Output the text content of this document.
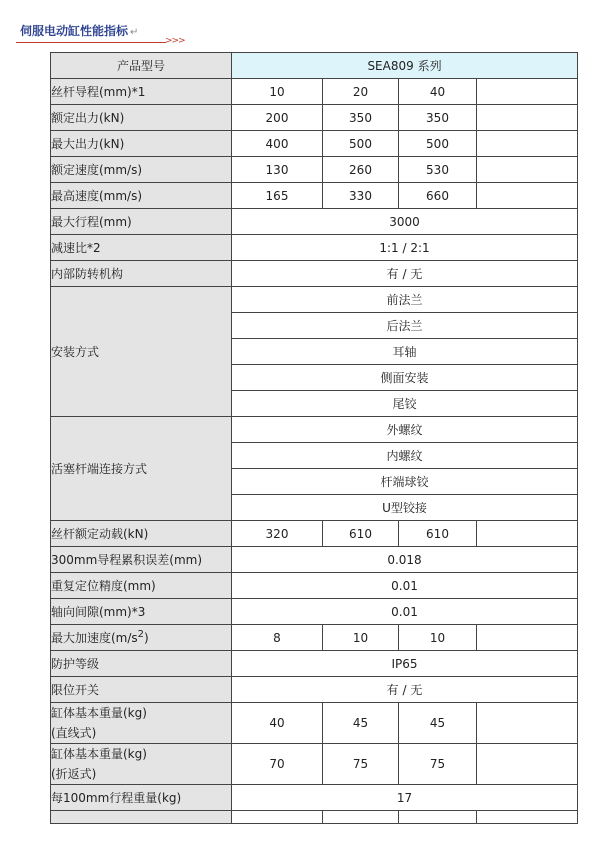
伺服电动缸性能指标 ↵
>>>
产品型号	SEA809 系列			
丝杆导程(mm)*1	10	20	40	
额定出力(kN)	200	350	350	
最大出力(kN)	400	500	500	
额定速度(mm/s)	130	260	530	
最高速度(mm/s)	165	330	660	
最大行程(mm)	3000			
减速比*2	1:1 / 2:1			
内部防转机构	有 / 无			
安装方式	前法兰			
	后法兰			
	耳轴			
	侧面安装			
	尾铰			
活塞杆端连接方式	外螺纹			
	内螺纹			
	杆端球铰			
	U型铰接			
丝杆额定动载(kN)	320	610	610	
300mm导程累积误差(mm)	0.018			
重复定位精度(mm)	0.01			
轴向间隙(mm)*3	0.01			
最大加速度$(m/s^2)$	8	10	10	
防护等级	IP65			
限位开关	有 / 无			

缸体基本重量(kg)
(直线式)	40	45	45	

缸体基本重量(kg)
(折返式)	70	75	75	
每100mm行程重量(kg)	17			
